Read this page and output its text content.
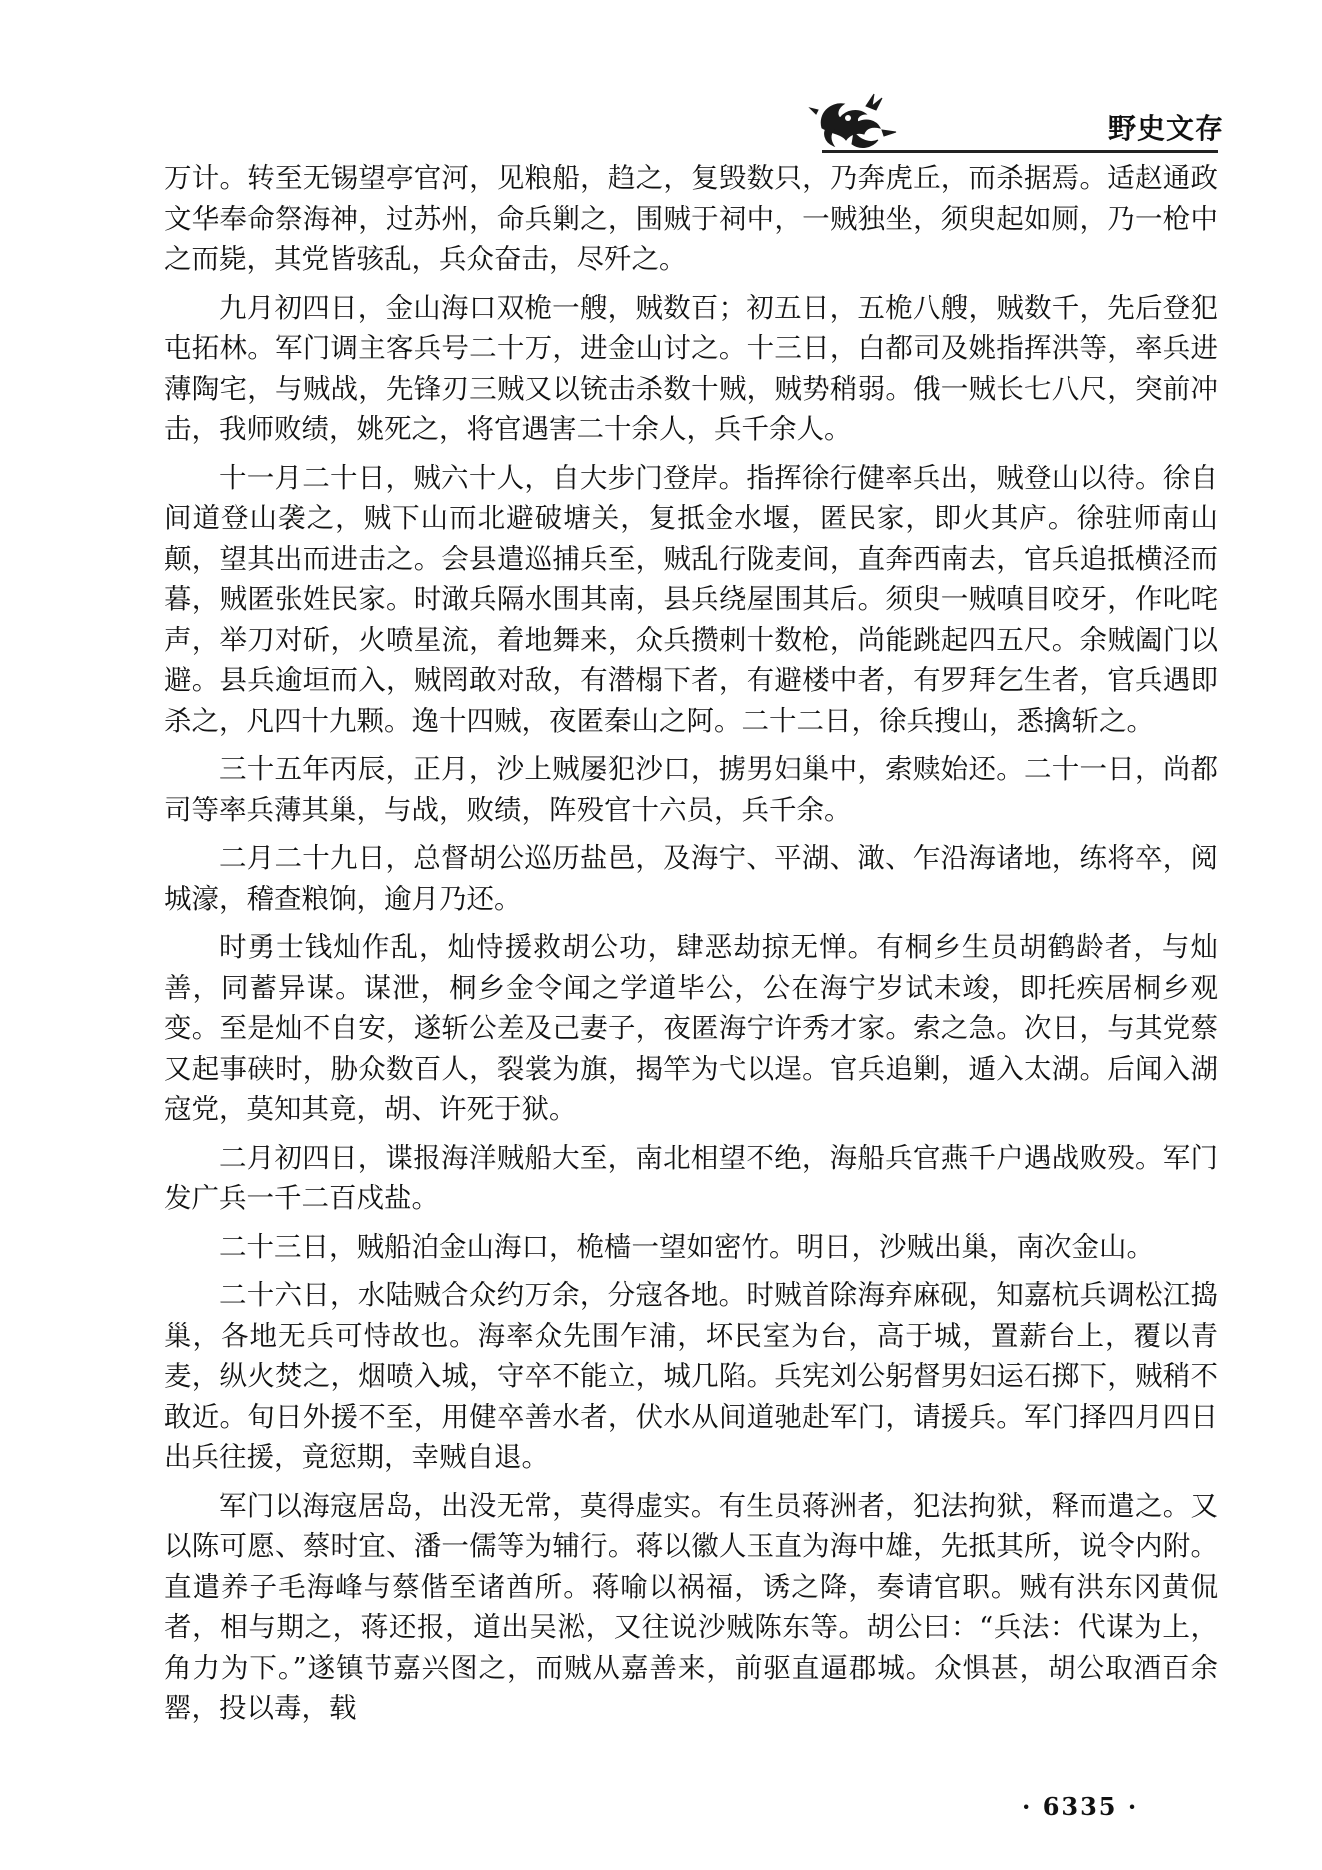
野史文存

万计。转至无锡望亭官河，见粮船，趋之，复毁数只，乃奔虎丘，而杀据焉。适赵通政文华奉命祭海神，过苏州，命兵剿之，围贼于祠中，一贼独坐，须臾起如厕，乃一枪中之而毙，其党皆骇乱，兵众奋击，尽歼之。

九月初四日，金山海口双桅一艘，贼数百；初五日，五桅八艘，贼数千，先后登犯屯拓林。军门调主客兵号二十万，进金山讨之。十三日，白都司及姚指挥洪等，率兵进薄陶宅，与贼战，先锋刃三贼又以铳击杀数十贼，贼势稍弱。俄一贼长七八尺，突前冲击，我师败绩，姚死之，将官遇害二十余人，兵千余人。

十一月二十日，贼六十人，自大步门登岸。指挥徐行健率兵出，贼登山以待。徐自间道登山袭之，贼下山而北避破塘关，复抵金水堰，匿民家，即火其庐。徐驻师南山颠，望其出而进击之。会县遣巡捕兵至，贼乱行陇麦间，直奔西南去，官兵追抵横泾而暮，贼匿张姓民家。时澉兵隔水围其南，县兵绕屋围其后。须臾一贼嗔目咬牙，作叱咤声，举刀对斫，火喷星流，着地舞来，众兵攒刺十数枪，尚能跳起四五尺。余贼阖门以避。县兵逾垣而入，贼罔敢对敌，有潜榻下者，有避楼中者，有罗拜乞生者，官兵遇即杀之，凡四十九颗。逸十四贼，夜匿秦山之阿。二十二日，徐兵搜山，悉擒斩之。

三十五年丙辰，正月，沙上贼屡犯沙口，掳男妇巢中，索赎始还。二十一日，尚都司等率兵薄其巢，与战，败绩，阵殁官十六员，兵千余。

二月二十九日，总督胡公巡历盐邑，及海宁、平湖、澉、乍沿海诸地，练将卒，阅城濠，稽查粮饷，逾月乃还。

时勇士钱灿作乱，灿恃援救胡公功，肆恶劫掠无惮。有桐乡生员胡鹤龄者，与灿善，同蓄异谋。谋泄，桐乡金令闻之学道毕公，公在海宁岁试未竣，即托疾居桐乡观变。至是灿不自安，遂斩公差及己妻子，夜匿海宁许秀才家。索之急。次日，与其党蔡又起事硖时，胁众数百人，裂裳为旗，揭竿为弋以逞。官兵追剿，遁入太湖。后闻入湖寇党，莫知其竟，胡、许死于狱。

二月初四日，谍报海洋贼船大至，南北相望不绝，海船兵官燕千户遇战败殁。军门发广兵一千二百戍盐。

二十三日，贼船泊金山海口，桅樯一望如密竹。明日，沙贼出巢，南次金山。

二十六日，水陆贼合众约万余，分寇各地。时贼首除海弃麻砚，知嘉杭兵调松江捣巢，各地无兵可恃故也。海率众先围乍浦，坏民室为台，高于城，置薪台上，覆以青麦，纵火焚之，烟喷入城，守卒不能立，城几陷。兵宪刘公躬督男妇运石掷下，贼稍不敢近。旬日外援不至，用健卒善水者，伏水从间道驰赴军门，请援兵。军门择四月四日出兵往援，竟愆期，幸贼自退。

军门以海寇居岛，出没无常，莫得虚实。有生员蒋洲者，犯法拘狱，释而遣之。又以陈可愿、蔡时宜、潘一儒等为辅行。蒋以徽人玉直为海中雄，先抵其所，说令内附。直遣养子毛海峰与蔡偕至诸酋所。蒋喻以祸福，诱之降，奏请官职。贼有洪东冈黄侃者，相与期之，蒋还报，道出吴淞，又往说沙贼陈东等。胡公曰：“兵法：代谋为上，角力为下。”遂镇节嘉兴图之，而贼从嘉善来，前驱直逼郡城。众惧甚，胡公取酒百余罂，投以毒，载

· 6335 ·
